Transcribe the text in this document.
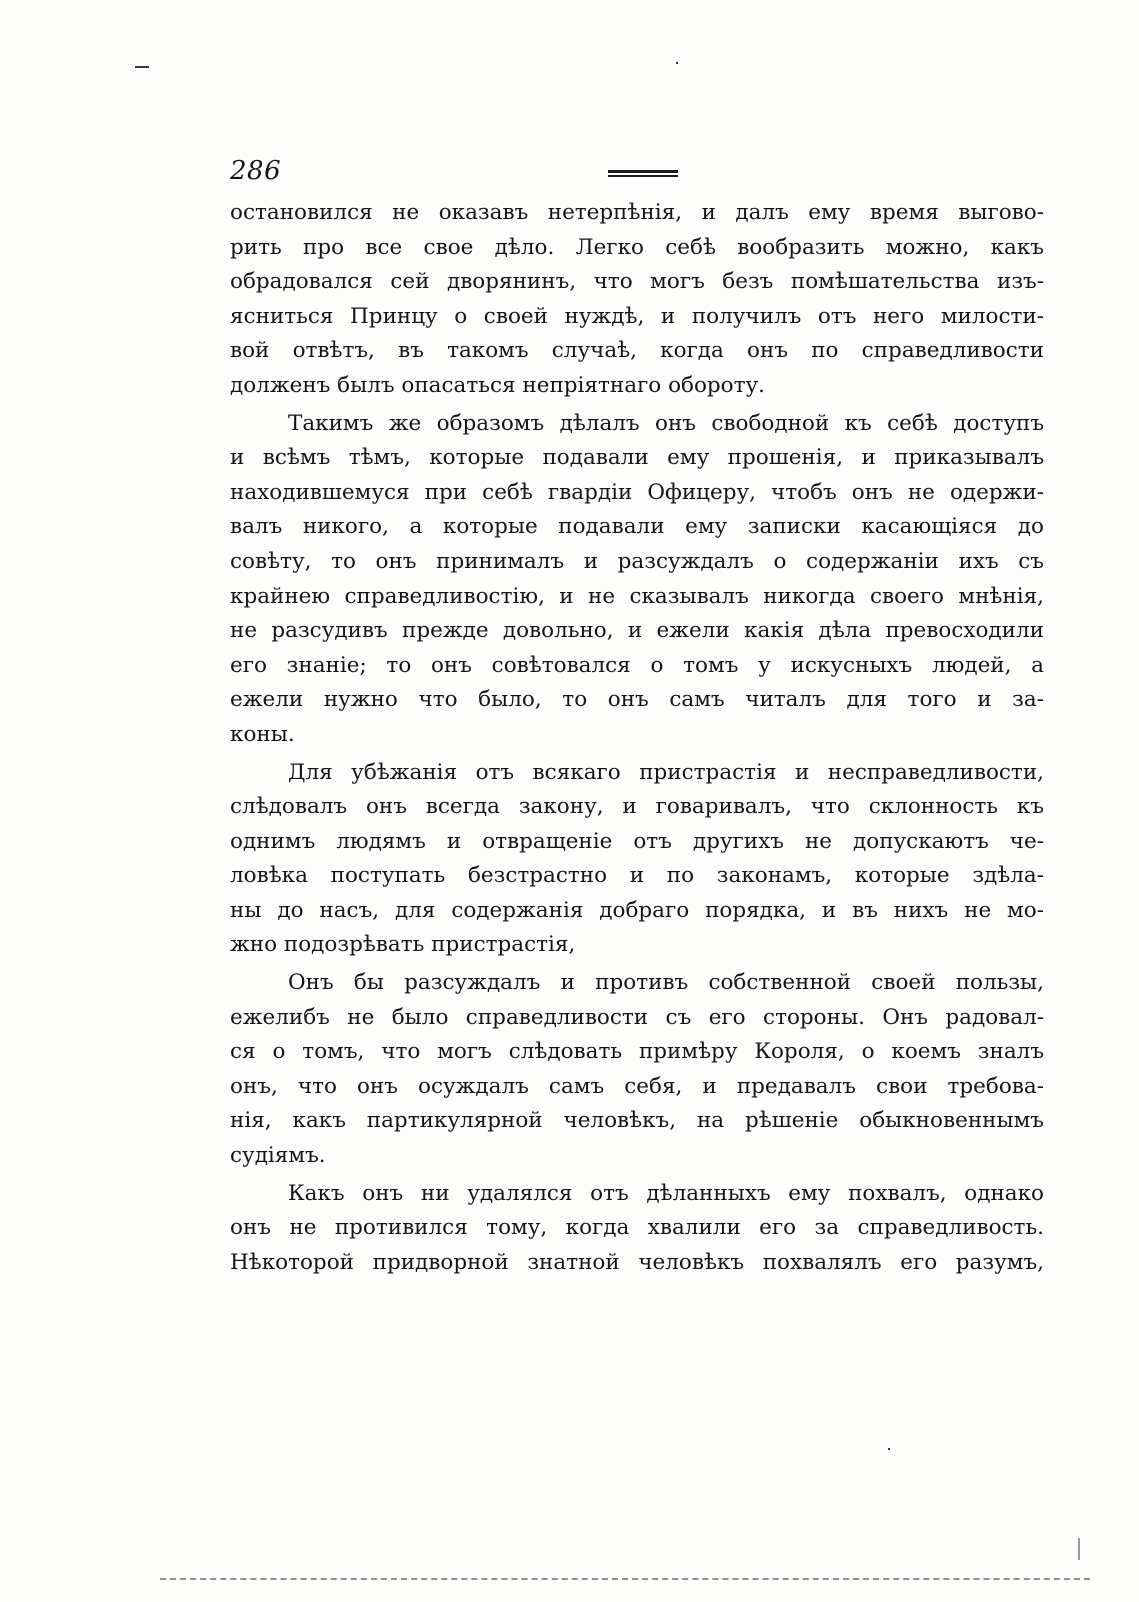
286
остановился не оказавъ нетерпѣнія, и далъ ему время выгово-
рить про все свое дѣло. Легко себѣ вообразить можно, какъ
обрадовался сей дворянинъ, что могъ безъ помѣшательства изъ-
ясниться Принцу о своей нуждѣ, и получилъ отъ него милости-
вой отвѣтъ, въ такомъ случаѣ, когда онъ по справедливости
долженъ былъ опасаться непріятнаго обороту.
Такимъ же образомъ дѣлалъ онъ свободной къ себѣ доступъ
и всѣмъ тѣмъ, которые подавали ему прошенія, и приказывалъ
находившемуся при себѣ гвардіи Офицеру, чтобъ онъ не одержи-
валъ никого, а которые подавали ему записки касающіяся до
совѣту, то онъ принималъ и разсуждалъ о содержаніи ихъ съ
крайнею справедливостію, и не сказывалъ никогда своего мнѣнія,
не разсудивъ прежде довольно, и ежели какія дѣла превосходили
его знаніе; то онъ совѣтовался о томъ у искусныхъ людей, а
ежели нужно что было, то онъ самъ читалъ для того и за-
коны.
Для убѣжанія отъ всякаго пристрастія и несправедливости,
слѣдовалъ онъ всегда закону, и говаривалъ, что склонность къ
однимъ людямъ и отвращеніе отъ другихъ не допускаютъ че-
ловѣка поступать безстрастно и по законамъ, которые здѣла-
ны до насъ, для содержанія добраго порядка, и въ нихъ не мо-
жно подозрѣвать пристрастія,
Онъ бы разсуждалъ и противъ собственной своей пользы,
ежелибъ не было справедливости съ его стороны. Онъ радовал-
ся о томъ, что могъ слѣдовать примѣру Короля, о коемъ зналъ
онъ, что онъ осуждалъ самъ себя, и предавалъ свои требова-
нія, какъ партикулярной человѣкъ, на рѣшеніе обыкновеннымъ
судіямъ.
Какъ онъ ни удалялся отъ дѣланныхъ ему похвалъ, однако
онъ не противился тому, когда хвалили его за справедливость.
Нѣкоторой придворной знатной человѣкъ похвалялъ его разумъ,
